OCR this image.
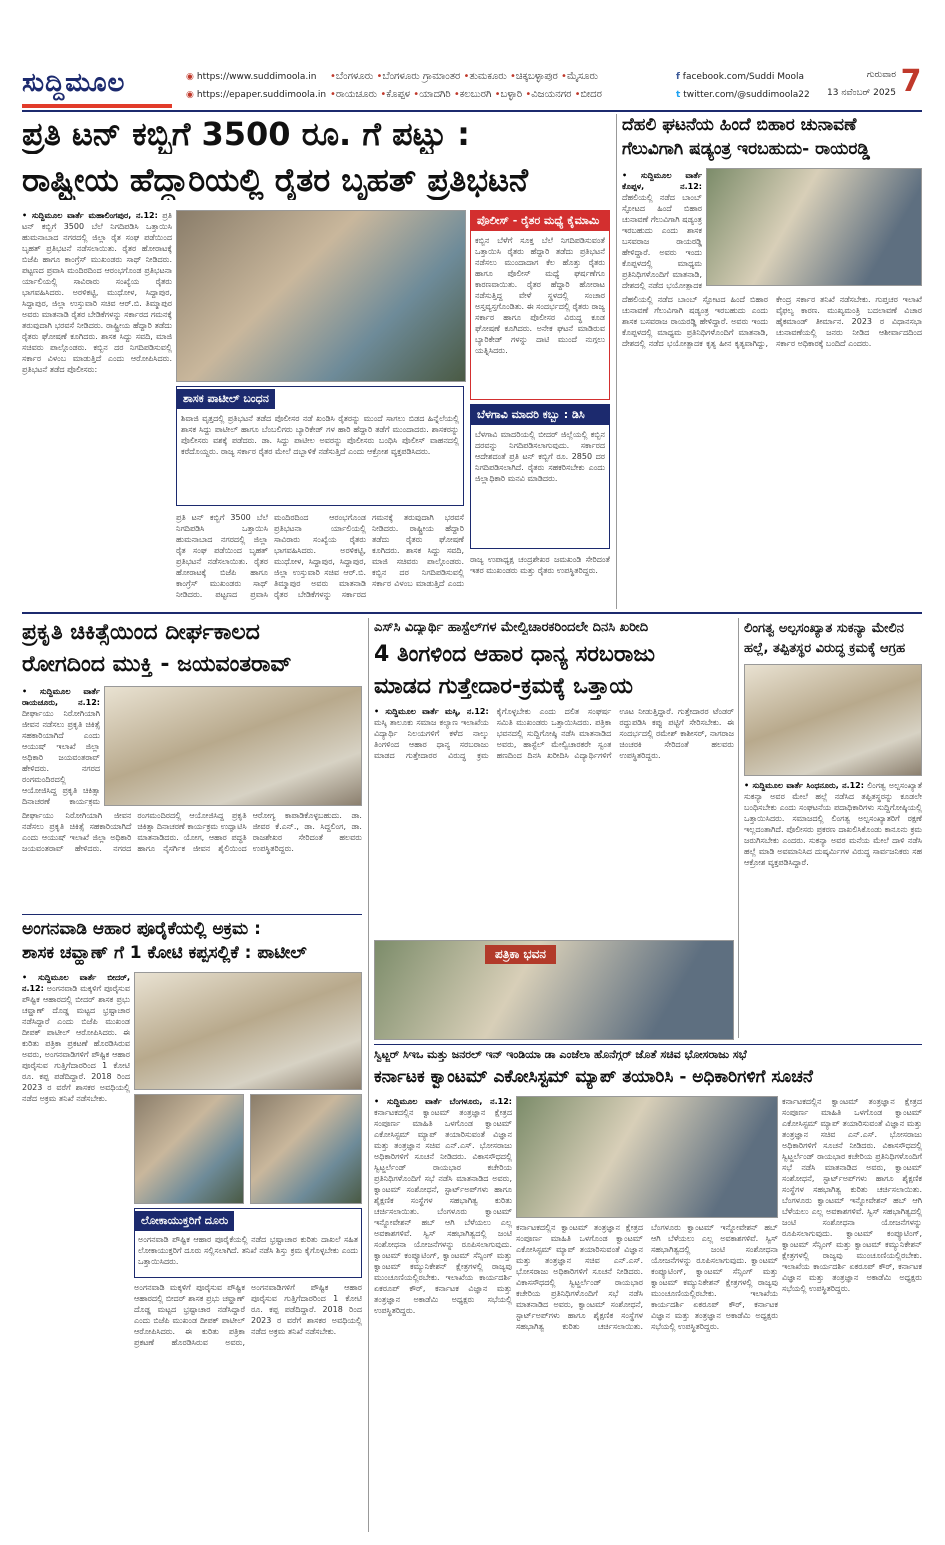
ಸುದ್ದಿಮೂಲ	◉ https://www.suddimoola.in
◉ https://epaper.suddimoola.in
•ಬೆಂಗಳೂರು •ಬೆಂಗಳೂರು ಗ್ರಾಮಾಂತರ •ತುಮಕೂರು •ಚಿಕ್ಕಬಳ್ಳಾಪುರ •ಮೈಸೂರು
•ರಾಯಚೂರು •ಕೊಪ್ಪಳ •ಯಾದಗಿರಿ •ಕಲಬುರಗಿ •ಬಳ್ಳಾರಿ •ವಿಜಯನಗರ •ಬೀದರ
f facebook.com/Suddi Moola
t twitter.com/@suddimoola22
ಗುರುವಾರ
13 ನವೆಂಬರ್ 2025 7
ಪ್ರತಿ ಟನ್ ಕಬ್ಬಿಗೆ 3500 ರೂ. ಗೆ ಪಟ್ಟು :
ರಾಷ್ಟ್ರೀಯ ಹೆದ್ದಾರಿಯಲ್ಲಿ ರೈತರ ಬೃಹತ್ ಪ್ರತಿಭಟನೆ
• ಸುದ್ದಿಮೂಲ ವಾರ್ತೆ ಮಹಾಲಿಂಗಪುರ, ನ.12: ಪ್ರತಿ ಟನ್ ಕಬ್ಬಿಗೆ 3500 ಬೆಲೆ ನಿಗದಿಪಡಿಸಿ ಒತ್ತಾಯಿಸಿ ಹುಮನಾಬಾದ ನಗರದಲ್ಲಿ ಜಿಲ್ಲಾ ರೈತ ಸಂಘ ಪಡೆಯಿಂದ ಬೃಹತ್ ಪ್ರತಿಭಟನೆ ನಡೆಸಲಾಯಿತು. ರೈತರ ಹೋರಾಟಕ್ಕೆ ಬಿಜೆಪಿ ಹಾಗೂ ಕಾಂಗ್ರೆಸ್ ಮುಖಂಡರು ಸಾಥ್ ನೀಡಿದರು. ಪಟ್ಟಣದ ಪ್ರವಾಸಿ ಮಂದಿರದಿಂದ ಆರಂಭಗೊಂಡ ಪ್ರತಿಭಟನಾ ರ್ಯಾಲಿಯಲ್ಲಿ ಸಾವಿರಾರು ಸಂಖ್ಯೆಯ ರೈತರು ಭಾಗವಹಿಸಿದರು. ಅರಳಿಕಟ್ಟಿ, ಮುಧೋಳ, ಸಿದ್ದಾಪುರ, ಸಿದ್ದಾಪುರ, ಜಿಲ್ಲಾ ಉಸ್ತುವಾರಿ ಸಚಿವ ಆರ್.ಬಿ. ತಿಮ್ಮಾಪುರ ಅವರು ಮಾತನಾಡಿ ರೈತರ ಬೇಡಿಕೆಗಳನ್ನು ಸರ್ಕಾರದ ಗಮನಕ್ಕೆ ತರುವುದಾಗಿ ಭರವಸೆ ನೀಡಿದರು. ರಾಷ್ಟ್ರೀಯ ಹೆದ್ದಾರಿ ತಡೆದು ರೈತರು ಘೋಷಣೆ ಕೂಗಿದರು. ಶಾಸಕ ಸಿದ್ದು ಸವದಿ, ಮಾಜಿ ಸಚಿವರು ಪಾಲ್ಗೊಂಡರು. ಕಬ್ಬಿನ ದರ ನಿಗದಿಪಡಿಸುವಲ್ಲಿ ಸರ್ಕಾರ ವಿಳಂಬ ಮಾಡುತ್ತಿದೆ ಎಂದು ಆರೋಪಿಸಿದರು. ಪ್ರತಿಭಟನೆ ತಡೆದ ಪೊಲೀಸರು:
ಪೊಲೀಸ್ - ರೈತರ ಮಧ್ಯೆ ಕೈಮಾಮಿ
ಕಬ್ಬಿನ ಬೆಳೆಗೆ ಸೂಕ್ತ ಬೆಲೆ ನಿಗದಿಪಡಿಸುವಂತೆ ಒತ್ತಾಯಿಸಿ ರೈತರು ಹೆದ್ದಾರಿ ತಡೆದು ಪ್ರತಿಭಟನೆ ನಡೆಸಲು ಮುಂದಾದಾಗ ಕೆಲ ಹೊತ್ತು ರೈತರು ಹಾಗೂ ಪೊಲೀಸ್ ಮಧ್ಯೆ ಘರ್ಷಣೆಗೂ ಕಾರಣವಾಯಿತು. ರೈತರ ಹೆದ್ದಾರಿ ಹೋರಾಟ ನಡೆಸುತ್ತಿದ್ದ ವೇಳೆ ಸ್ಥಳದಲ್ಲಿ ಸಂಚಾರ ಅಸ್ತವ್ಯಸ್ತಗೊಂಡಿತು. ಈ ಸಂದರ್ಭದಲ್ಲಿ ರೈತರು ರಾಜ್ಯ ಸರ್ಕಾರ ಹಾಗೂ ಪೊಲೀಸರ ವಿರುದ್ಧ ಕೂಡ ಘೋಷಣೆ ಕೂಗಿದರು. ಅನೇಕ ಘಟನೆ ಮಾಡಿರುವ ಬ್ಯಾರಿಕೇಡ್ ಗಳನ್ನು ದಾಟಿ ಮುಂದೆ ನುಗ್ಗಲು ಯತ್ನಿಸಿದರು.
ಶಾಸಕ ಪಾಟೀಲ್ ಬಂಧನ
ಶಿವಾಜಿ ವೃತ್ತದಲ್ಲಿ ಪ್ರತಿಭಟನೆ ತಡೆದ ಪೊಲೀಸರ ನಡೆ ಖಂಡಿಸಿ ರೈತರನ್ನು ಮುಂದೆ ಸಾಗಲು ಬಿಡದ ಹಿನ್ನೆಲೆಯಲ್ಲಿ ಶಾಸಕ ಸಿದ್ದು ಪಾಟೀಲ್ ಹಾಗೂ ಬೆಂಬಲಿಗರು ಬ್ಯಾರಿಕೇಡ್ ಗಳ ಹಾರಿ ಹೆದ್ದಾರಿ ತಡೆಗೆ ಮುಂದಾದರು. ಶಾಸಕರನ್ನು ಪೊಲೀಸರು ವಶಕ್ಕೆ ಪಡೆದರು. ಡಾ. ಸಿದ್ದು ಪಾಟೀಲ ಅವರನ್ನು ಪೊಲೀಸರು ಬಂಧಿಸಿ ಪೊಲೀಸ್ ವಾಹನದಲ್ಲಿ ಕರೆದೊಯ್ದರು. ರಾಜ್ಯ ಸರ್ಕಾರ ರೈತರ ಮೇಲೆ ದಬ್ಬಾಳಿಕೆ ನಡೆಸುತ್ತಿದೆ ಎಂದು ಆಕ್ರೋಶ ವ್ಯಕ್ತಪಡಿಸಿದರು.
ಬೆಳಗಾವಿ ಮಾದರಿ ಕಬ್ಬು : ಡಿಸಿ
ಬೆಳಗಾವಿ ಮಾದರಿಯಲ್ಲಿ ಬೀದರ್ ಜಿಲ್ಲೆಯಲ್ಲಿ ಕಬ್ಬಿನ ದರವನ್ನು ನಿಗದಿಪಡಿಸಲಾಗುವುದು. ಸರ್ಕಾರದ ಆದೇಶದಂತೆ ಪ್ರತಿ ಟನ್ ಕಬ್ಬಿಗೆ ರೂ. 2850 ದರ ನಿಗದಿಪಡಿಸಲಾಗಿದೆ. ರೈತರು ಸಹಕರಿಸಬೇಕು ಎಂದು ಜಿಲ್ಲಾಧಿಕಾರಿ ಮನವಿ ಮಾಡಿದರು.
ಪ್ರತಿ ಟನ್ ಕಬ್ಬಿಗೆ 3500 ಬೆಲೆ ನಿಗದಿಪಡಿಸಿ ಒತ್ತಾಯಿಸಿ ಹುಮನಾಬಾದ ನಗರದಲ್ಲಿ ಜಿಲ್ಲಾ ರೈತ ಸಂಘ ಪಡೆಯಿಂದ ಬೃಹತ್ ಪ್ರತಿಭಟನೆ ನಡೆಸಲಾಯಿತು. ರೈತರ ಹೋರಾಟಕ್ಕೆ ಬಿಜೆಪಿ ಹಾಗೂ ಕಾಂಗ್ರೆಸ್ ಮುಖಂಡರು ಸಾಥ್ ನೀಡಿದರು. ಪಟ್ಟಣದ ಪ್ರವಾಸಿ ಮಂದಿರದಿಂದ ಆರಂಭಗೊಂಡ ಪ್ರತಿಭಟನಾ ರ್ಯಾಲಿಯಲ್ಲಿ ಸಾವಿರಾರು ಸಂಖ್ಯೆಯ ರೈತರು ಭಾಗವಹಿಸಿದರು. ಅರಳಿಕಟ್ಟಿ, ಮುಧೋಳ, ಸಿದ್ದಾಪುರ, ಸಿದ್ದಾಪುರ, ಜಿಲ್ಲಾ ಉಸ್ತುವಾರಿ ಸಚಿವ ಆರ್.ಬಿ. ತಿಮ್ಮಾಪುರ ಅವರು ಮಾತನಾಡಿ ರೈತರ ಬೇಡಿಕೆಗಳನ್ನು ಸರ್ಕಾರದ ಗಮನಕ್ಕೆ ತರುವುದಾಗಿ ಭರವಸೆ ನೀಡಿದರು. ರಾಷ್ಟ್ರೀಯ ಹೆದ್ದಾರಿ ತಡೆದು ರೈತರು ಘೋಷಣೆ ಕೂಗಿದರು. ಶಾಸಕ ಸಿದ್ದು ಸವದಿ, ಮಾಜಿ ಸಚಿವರು ಪಾಲ್ಗೊಂಡರು. ಕಬ್ಬಿನ ದರ ನಿಗದಿಪಡಿಸುವಲ್ಲಿ ಸರ್ಕಾರ ವಿಳಂಬ ಮಾಡುತ್ತಿದೆ ಎಂದು
ರಾಜ್ಯ ಉಪಾಧ್ಯಕ್ಷ ಚಂದ್ರಶೇಖರ ಜಮಖಂಡಿ ಸೇರಿದಂತೆ ಇತರ ಮುಖಂಡರು ಮತ್ತು ರೈತರು ಉಪಸ್ಥಿತರಿದ್ದರು.
ದೆಹಲಿ ಘಟನೆಯ ಹಿಂದೆ ಬಿಹಾರ ಚುನಾವಣೆ
ಗೆಲುವಿಗಾಗಿ ಷಡ್ಯಂತ್ರ ಇರಬಹುದು- ರಾಯರಡ್ಡಿ
• ಸುದ್ದಿಮೂಲ ವಾರ್ತೆ ಕೊಪ್ಪಳ, ನ.12: ದೆಹಲಿಯಲ್ಲಿ ನಡೆದ ಬಾಂಬ್ ಸ್ಫೋಟದ ಹಿಂದೆ ಬಿಹಾರ ಚುನಾವಣೆ ಗೆಲುವಿಗಾಗಿ ಷಡ್ಯಂತ್ರ ಇರಬಹುದು ಎಂದು ಶಾಸಕ ಬಸವರಾಜ ರಾಯರಡ್ಡಿ ಹೇಳಿದ್ದಾರೆ. ಅವರು ಇಂದು ಕೊಪ್ಪಳದಲ್ಲಿ ಮಾಧ್ಯಮ ಪ್ರತಿನಿಧಿಗಳೊಂದಿಗೆ ಮಾತನಾಡಿ, ದೇಶದಲ್ಲಿ ನಡೆದ ಭಯೋತ್ಪಾದಕ
ದೆಹಲಿಯಲ್ಲಿ ನಡೆದ ಬಾಂಬ್ ಸ್ಫೋಟದ ಹಿಂದೆ ಬಿಹಾರ ಚುನಾವಣೆ ಗೆಲುವಿಗಾಗಿ ಷಡ್ಯಂತ್ರ ಇರಬಹುದು ಎಂದು ಶಾಸಕ ಬಸವರಾಜ ರಾಯರಡ್ಡಿ ಹೇಳಿದ್ದಾರೆ. ಅವರು ಇಂದು ಕೊಪ್ಪಳದಲ್ಲಿ ಮಾಧ್ಯಮ ಪ್ರತಿನಿಧಿಗಳೊಂದಿಗೆ ಮಾತನಾಡಿ, ದೇಶದಲ್ಲಿ ನಡೆದ ಭಯೋತ್ಪಾದಕ ಕೃತ್ಯ ಹೀನ ಕೃತ್ಯವಾಗಿದ್ದು, ಕೇಂದ್ರ ಸರ್ಕಾರ ತನಿಖೆ ನಡೆಸಬೇಕು. ಗುಪ್ತಚರ ಇಲಾಖೆ ವೈಫಲ್ಯ ಕಾರಣ. ಮುಖ್ಯಮಂತ್ರಿ ಬದಲಾವಣೆ ವಿಚಾರ ಹೈಕಮಾಂಡ್ ತೀರ್ಮಾನ. 2023 ರ ವಿಧಾನಸಭಾ ಚುನಾವಣೆಯಲ್ಲಿ ಜನರು ನೀಡಿದ ಆಶೀರ್ವಾದದಿಂದ ಸರ್ಕಾರ ಅಧಿಕಾರಕ್ಕೆ ಬಂದಿದೆ ಎಂದರು.
ಪ್ರಕೃತಿ ಚಿಕಿತ್ಸೆಯಿಂದ ದೀರ್ಘಕಾಲದ
ರೋಗದಿಂದ ಮುಕ್ತಿ - ಜಯವಂತರಾವ್
• ಸುದ್ದಿಮೂಲ ವಾರ್ತೆ ರಾಯಚೂರು, ನ.12: ದೀರ್ಘಾಯು ನಿರೋಗಿಯಾಗಿ ಜೀವನ ನಡೆಸಲು ಪ್ರಕೃತಿ ಚಿಕಿತ್ಸೆ ಸಹಕಾರಿಯಾಗಿದೆ ಎಂದು ಆಯುಷ್ ಇಲಾಖೆ ಜಿಲ್ಲಾ ಅಧಿಕಾರಿ ಜಯವಂತರಾವ್ ಹೇಳಿದರು. ನಗರದ ರಂಗಮಂದಿರದಲ್ಲಿ ಆಯೋಜಿಸಿದ್ದ ಪ್ರಕೃತಿ ಚಿಕಿತ್ಸಾ ದಿನಾಚರಣೆ ಕಾರ್ಯಕ್ರಮ
ದೀರ್ಘಾಯು ನಿರೋಗಿಯಾಗಿ ಜೀವನ ನಡೆಸಲು ಪ್ರಕೃತಿ ಚಿಕಿತ್ಸೆ ಸಹಕಾರಿಯಾಗಿದೆ ಎಂದು ಆಯುಷ್ ಇಲಾಖೆ ಜಿಲ್ಲಾ ಅಧಿಕಾರಿ ಜಯವಂತರಾವ್ ಹೇಳಿದರು. ನಗರದ ರಂಗಮಂದಿರದಲ್ಲಿ ಆಯೋಜಿಸಿದ್ದ ಪ್ರಕೃತಿ ಚಿಕಿತ್ಸಾ ದಿನಾಚರಣೆ ಕಾರ್ಯಕ್ರಮ ಉದ್ಘಾಟಿಸಿ ಮಾತನಾಡಿದರು. ಯೋಗ, ಆಹಾರ ಪದ್ಧತಿ ಹಾಗೂ ನೈಸರ್ಗಿಕ ಜೀವನ ಶೈಲಿಯಿಂದ ಆರೋಗ್ಯ ಕಾಪಾಡಿಕೊಳ್ಳಬಹುದು. ಡಾ. ಜೀವರ ಕೆ.ಎನ್., ಡಾ. ಸಿದ್ದಲಿಂಗ, ಡಾ. ರಾಜಶೇಖರ ಸೇರಿದಂತೆ ಹಲವರು ಉಪಸ್ಥಿತರಿದ್ದರು.
ಅಂಗನವಾಡಿ ಆಹಾರ ಪೂರೈಕೆಯಲ್ಲಿ ಅಕ್ರಮ :
ಶಾಸಕ ಚವ್ಹಾಣ್ ಗೆ 1 ಕೋಟಿ ಕಪ್ಪಸಲ್ಲಿಕೆ : ಪಾಟೀಲ್
• ಸುದ್ದಿಮೂಲ ವಾರ್ತೆ ಬೀದರ್, ನ.12: ಅಂಗನವಾಡಿ ಮಕ್ಕಳಿಗೆ ಪೂರೈಸುವ ಪೌಷ್ಟಿಕ ಆಹಾರದಲ್ಲಿ ಬೀದರ್ ಶಾಸಕ ಪ್ರಭು ಚವ್ಹಾಣ್ ದೊಡ್ಡ ಮಟ್ಟದ ಭ್ರಷ್ಟಾಚಾರ ನಡೆಸಿದ್ದಾರೆ ಎಂದು ಬಿಜೆಪಿ ಮುಖಂಡ ದೀಪಕ್ ಪಾಟೀಲ್ ಆರೋಪಿಸಿದರು. ಈ ಕುರಿತು ಪತ್ರಿಕಾ ಪ್ರಕಟಣೆ ಹೊರಡಿಸಿರುವ ಅವರು, ಅಂಗನವಾಡಿಗಳಿಗೆ ಪೌಷ್ಟಿಕ ಆಹಾರ ಪೂರೈಸುವ ಗುತ್ತಿಗೆದಾರರಿಂದ 1 ಕೋಟಿ ರೂ. ಕಪ್ಪ ಪಡೆದಿದ್ದಾರೆ. 2018 ರಿಂದ 2023 ರ ವರೆಗೆ ಶಾಸಕರ ಅವಧಿಯಲ್ಲಿ ನಡೆದ ಅಕ್ರಮ ತನಿಖೆ ನಡೆಸಬೇಕು.
ಲೋಕಾಯುಕ್ತರಿಗೆ ದೂರು
ಅಂಗನವಾಡಿ ಪೌಷ್ಟಿಕ ಆಹಾರ ಪೂರೈಕೆಯಲ್ಲಿ ನಡೆದ ಭ್ರಷ್ಟಾಚಾರ ಕುರಿತು ದಾಖಲೆ ಸಹಿತ ಲೋಕಾಯುಕ್ತರಿಗೆ ದೂರು ಸಲ್ಲಿಸಲಾಗಿದೆ. ತನಿಖೆ ನಡೆಸಿ ಶಿಸ್ತು ಕ್ರಮ ಕೈಗೊಳ್ಳಬೇಕು ಎಂದು ಒತ್ತಾಯಿಸಿದರು.
ಅಂಗನವಾಡಿ ಮಕ್ಕಳಿಗೆ ಪೂರೈಸುವ ಪೌಷ್ಟಿಕ ಆಹಾರದಲ್ಲಿ ಬೀದರ್ ಶಾಸಕ ಪ್ರಭು ಚವ್ಹಾಣ್ ದೊಡ್ಡ ಮಟ್ಟದ ಭ್ರಷ್ಟಾಚಾರ ನಡೆಸಿದ್ದಾರೆ ಎಂದು ಬಿಜೆಪಿ ಮುಖಂಡ ದೀಪಕ್ ಪಾಟೀಲ್ ಆರೋಪಿಸಿದರು. ಈ ಕುರಿತು ಪತ್ರಿಕಾ ಪ್ರಕಟಣೆ ಹೊರಡಿಸಿರುವ ಅವರು, ಅಂಗನವಾಡಿಗಳಿಗೆ ಪೌಷ್ಟಿಕ ಆಹಾರ ಪೂರೈಸುವ ಗುತ್ತಿಗೆದಾರರಿಂದ 1 ಕೋಟಿ ರೂ. ಕಪ್ಪ ಪಡೆದಿದ್ದಾರೆ. 2018 ರಿಂದ 2023 ರ ವರೆಗೆ ಶಾಸಕರ ಅವಧಿಯಲ್ಲಿ ನಡೆದ ಅಕ್ರಮ ತನಿಖೆ ನಡೆಸಬೇಕು.
ಎಸ್‌ಸಿ ವಿದ್ಯಾರ್ಥಿ ಹಾಸ್ಟೆಲ್‌ಗಳ ಮೇಲ್ವಿಚಾರಕರಿಂದಲೇ ದಿನಸಿ ಖರೀದಿ
4 ತಿಂಗಳಿಂದ ಆಹಾರ ಧಾನ್ಯ ಸರಬರಾಜು
ಮಾಡದ ಗುತ್ತೇದಾರ-ಕ್ರಮಕ್ಕೆ ಒತ್ತಾಯ
• ಸುದ್ದಿಮೂಲ ವಾರ್ತೆ ಮಸ್ಕಿ, ನ.12: ಮಸ್ಕಿ ತಾಲೂಕು ಸಮಾಜ ಕಲ್ಯಾಣ ಇಲಾಖೆಯ ವಿದ್ಯಾರ್ಥಿ ನಿಲಯಗಳಿಗೆ ಕಳೆದ ನಾಲ್ಕು ತಿಂಗಳಿಂದ ಆಹಾರ ಧಾನ್ಯ ಸರಬರಾಜು ಮಾಡದ ಗುತ್ತೇದಾರರ ವಿರುದ್ಧ ಕ್ರಮ ಕೈಗೊಳ್ಳಬೇಕು ಎಂದು ದಲಿತ ಸಂಘರ್ಷ ಸಮಿತಿ ಮುಖಂಡರು ಒತ್ತಾಯಿಸಿದರು. ಪತ್ರಿಕಾ ಭವನದಲ್ಲಿ ಸುದ್ದಿಗೋಷ್ಠಿ ನಡೆಸಿ ಮಾತನಾಡಿದ ಅವರು, ಹಾಸ್ಟೆಲ್ ಮೇಲ್ವಿಚಾರಕರೇ ಸ್ವಂತ ಹಣದಿಂದ ದಿನಸಿ ಖರೀದಿಸಿ ವಿದ್ಯಾರ್ಥಿಗಳಿಗೆ ಊಟ ನೀಡುತ್ತಿದ್ದಾರೆ. ಗುತ್ತೇದಾರರ ಟೆಂಡರ್ ರದ್ದುಪಡಿಸಿ ಕಪ್ಪು ಪಟ್ಟಿಗೆ ಸೇರಿಸಬೇಕು. ಈ ಸಂದರ್ಭದಲ್ಲಿ ರಮೇಶ್ ಕಾಶೀಸರ್, ನಾಗರಾಜ ಚಿಂಚರಕಿ ಸೇರಿದಂತೆ ಹಲವರು ಉಪಸ್ಥಿತರಿದ್ದರು.
ಪತ್ರಿಕಾ ಭವನ
ಲಿಂಗತ್ವ ಅಲ್ಪಸಂಖ್ಯಾತ ಸುಕನ್ಯಾ ಮೇಲಿನ
ಹಲ್ಲೆ, ತಪ್ಪಿತಸ್ಥರ ವಿರುದ್ಧ ಕ್ರಮಕ್ಕೆ ಆಗ್ರಹ
• ಸುದ್ದಿಮೂಲ ವಾರ್ತೆ ಸಿಂಧನೂರು, ನ.12: ಲಿಂಗತ್ವ ಅಲ್ಪಸಂಖ್ಯಾತೆ ಸುಕನ್ಯಾ ಅವರ ಮೇಲೆ ಹಲ್ಲೆ ನಡೆಸಿದ ತಪ್ಪಿತಸ್ಥರನ್ನು ಕೂಡಲೇ ಬಂಧಿಸಬೇಕು ಎಂದು ಸಂಘಟನೆಯ ಪದಾಧಿಕಾರಿಗಳು ಸುದ್ದಿಗೋಷ್ಠಿಯಲ್ಲಿ ಒತ್ತಾಯಿಸಿದರು. ಸಮಾಜದಲ್ಲಿ ಲಿಂಗತ್ವ ಅಲ್ಪಸಂಖ್ಯಾತರಿಗೆ ರಕ್ಷಣೆ ಇಲ್ಲದಂತಾಗಿದೆ. ಪೊಲೀಸರು ಪ್ರಕರಣ ದಾಖಲಿಸಿಕೊಂಡು ಕಾನೂನು ಕ್ರಮ ಜರುಗಿಸಬೇಕು ಎಂದರು. ಸುಕನ್ಯಾ ಅವರ ಮನೆಯ ಮೇಲೆ ದಾಳಿ ನಡೆಸಿ ಹಲ್ಲೆ ಮಾಡಿ ಅವಮಾನಿಸಿದ ದುಷ್ಕರ್ಮಿಗಳ ವಿರುದ್ಧ ಸಾರ್ವಜನಿಕರು ಸಹ ಆಕ್ರೋಶ ವ್ಯಕ್ತಪಡಿಸಿದ್ದಾರೆ.
ಸ್ವಿಟ್ಜರ್ ಸಿಇಒ ಮತ್ತು ಜನರಲ್ ಇನ್ ಇಂಡಿಯಾ ಡಾ ಎಂಜೆಲಾ ಹೊನೆಗ್ಗರ್ ಜೊತೆ ಸಚಿವ ಭೋಸರಾಜು ಸಭೆ
ಕರ್ನಾಟಕ ಕ್ವಾಂಟಮ್ ಎಕೋಸಿಸ್ಟಮ್ ಮ್ಯಾಪ್ ತಯಾರಿಸಿ - ಅಧಿಕಾರಿಗಳಿಗೆ ಸೂಚನೆ
• ಸುದ್ದಿಮೂಲ ವಾರ್ತೆ ಬೆಂಗಳೂರು, ನ.12: ಕರ್ನಾಟಕದಲ್ಲಿನ ಕ್ವಾಂಟಮ್ ತಂತ್ರಜ್ಞಾನ ಕ್ಷೇತ್ರದ ಸಂಪೂರ್ಣ ಮಾಹಿತಿ ಒಳಗೊಂಡ ಕ್ವಾಂಟಮ್ ಎಕೋಸಿಸ್ಟಮ್ ಮ್ಯಾಪ್ ತಯಾರಿಸುವಂತೆ ವಿಜ್ಞಾನ ಮತ್ತು ತಂತ್ರಜ್ಞಾನ ಸಚಿವ ಎನ್.ಎಸ್. ಭೋಸರಾಜು ಅಧಿಕಾರಿಗಳಿಗೆ ಸೂಚನೆ ನೀಡಿದರು. ವಿಕಾಸಸೌಧದಲ್ಲಿ ಸ್ವಿಟ್ಜರ್ಲೆಂಡ್ ರಾಯಭಾರ ಕಚೇರಿಯ ಪ್ರತಿನಿಧಿಗಳೊಂದಿಗೆ ಸಭೆ ನಡೆಸಿ ಮಾತನಾಡಿದ ಅವರು, ಕ್ವಾಂಟಮ್ ಸಂಶೋಧನೆ, ಸ್ಟಾರ್ಟ್‌ಅಪ್‌ಗಳು ಹಾಗೂ ಶೈಕ್ಷಣಿಕ ಸಂಸ್ಥೆಗಳ ಸಹಭಾಗಿತ್ವ ಕುರಿತು ಚರ್ಚಿಸಲಾಯಿತು. ಬೆಂಗಳೂರು ಕ್ವಾಂಟಮ್ ಇನ್ನೋವೇಶನ್ ಹಬ್ ಆಗಿ ಬೆಳೆಯಲು ಎಲ್ಲ ಅವಕಾಶಗಳಿವೆ. ಸ್ವಿಸ್ ಸಹಭಾಗಿತ್ವದಲ್ಲಿ ಜಂಟಿ ಸಂಶೋಧನಾ ಯೋಜನೆಗಳನ್ನು ರೂಪಿಸಲಾಗುವುದು. ಕ್ವಾಂಟಮ್ ಕಂಪ್ಯೂಟಿಂಗ್, ಕ್ವಾಂಟಮ್ ಸೆನ್ಸಿಂಗ್ ಮತ್ತು ಕ್ವಾಂಟಮ್ ಕಮ್ಯುನಿಕೇಶನ್ ಕ್ಷೇತ್ರಗಳಲ್ಲಿ ರಾಜ್ಯವು ಮುಂಚೂಣಿಯಲ್ಲಿರಬೇಕು. ಇಲಾಖೆಯ ಕಾರ್ಯದರ್ಶಿ ಏಕರೂಪ್ ಕೌರ್, ಕರ್ನಾಟಕ ವಿಜ್ಞಾನ ಮತ್ತು ತಂತ್ರಜ್ಞಾನ ಅಕಾಡೆಮಿ ಅಧ್ಯಕ್ಷರು ಸಭೆಯಲ್ಲಿ ಉಪಸ್ಥಿತರಿದ್ದರು.
ಕರ್ನಾಟಕದಲ್ಲಿನ ಕ್ವಾಂಟಮ್ ತಂತ್ರಜ್ಞಾನ ಕ್ಷೇತ್ರದ ಸಂಪೂರ್ಣ ಮಾಹಿತಿ ಒಳಗೊಂಡ ಕ್ವಾಂಟಮ್ ಎಕೋಸಿಸ್ಟಮ್ ಮ್ಯಾಪ್ ತಯಾರಿಸುವಂತೆ ವಿಜ್ಞಾನ ಮತ್ತು ತಂತ್ರಜ್ಞಾನ ಸಚಿವ ಎನ್.ಎಸ್. ಭೋಸರಾಜು ಅಧಿಕಾರಿಗಳಿಗೆ ಸೂಚನೆ ನೀಡಿದರು. ವಿಕಾಸಸೌಧದಲ್ಲಿ ಸ್ವಿಟ್ಜರ್ಲೆಂಡ್ ರಾಯಭಾರ ಕಚೇರಿಯ ಪ್ರತಿನಿಧಿಗಳೊಂದಿಗೆ ಸಭೆ ನಡೆಸಿ ಮಾತನಾಡಿದ ಅವರು, ಕ್ವಾಂಟಮ್ ಸಂಶೋಧನೆ, ಸ್ಟಾರ್ಟ್‌ಅಪ್‌ಗಳು ಹಾಗೂ ಶೈಕ್ಷಣಿಕ ಸಂಸ್ಥೆಗಳ ಸಹಭಾಗಿತ್ವ ಕುರಿತು ಚರ್ಚಿಸಲಾಯಿತು. ಬೆಂಗಳೂರು ಕ್ವಾಂಟಮ್ ಇನ್ನೋವೇಶನ್ ಹಬ್ ಆಗಿ ಬೆಳೆಯಲು ಎಲ್ಲ ಅವಕಾಶಗಳಿವೆ. ಸ್ವಿಸ್ ಸಹಭಾಗಿತ್ವದಲ್ಲಿ ಜಂಟಿ ಸಂಶೋಧನಾ ಯೋಜನೆಗಳನ್ನು ರೂಪಿಸಲಾಗುವುದು. ಕ್ವಾಂಟಮ್ ಕಂಪ್ಯೂಟಿಂಗ್, ಕ್ವಾಂಟಮ್ ಸೆನ್ಸಿಂಗ್ ಮತ್ತು ಕ್ವಾಂಟಮ್ ಕಮ್ಯುನಿಕೇಶನ್ ಕ್ಷೇತ್ರಗಳಲ್ಲಿ ರಾಜ್ಯವು ಮುಂಚೂಣಿಯಲ್ಲಿರಬೇಕು. ಇಲಾಖೆಯ ಕಾರ್ಯದರ್ಶಿ ಏಕರೂಪ್ ಕೌರ್, ಕರ್ನಾಟಕ ವಿಜ್ಞಾನ ಮತ್ತು ತಂತ್ರಜ್ಞಾನ ಅಕಾಡೆಮಿ ಅಧ್ಯಕ್ಷರು ಸಭೆಯಲ್ಲಿ ಉಪಸ್ಥಿತರಿದ್ದರು.
ಕರ್ನಾಟಕದಲ್ಲಿನ ಕ್ವಾಂಟಮ್ ತಂತ್ರಜ್ಞಾನ ಕ್ಷೇತ್ರದ ಸಂಪೂರ್ಣ ಮಾಹಿತಿ ಒಳಗೊಂಡ ಕ್ವಾಂಟಮ್ ಎಕೋಸಿಸ್ಟಮ್ ಮ್ಯಾಪ್ ತಯಾರಿಸುವಂತೆ ವಿಜ್ಞಾನ ಮತ್ತು ತಂತ್ರಜ್ಞಾನ ಸಚಿವ ಎನ್.ಎಸ್. ಭೋಸರಾಜು ಅಧಿಕಾರಿಗಳಿಗೆ ಸೂಚನೆ ನೀಡಿದರು. ವಿಕಾಸಸೌಧದಲ್ಲಿ ಸ್ವಿಟ್ಜರ್ಲೆಂಡ್ ರಾಯಭಾರ ಕಚೇರಿಯ ಪ್ರತಿನಿಧಿಗಳೊಂದಿಗೆ ಸಭೆ ನಡೆಸಿ ಮಾತನಾಡಿದ ಅವರು, ಕ್ವಾಂಟಮ್ ಸಂಶೋಧನೆ, ಸ್ಟಾರ್ಟ್‌ಅಪ್‌ಗಳು ಹಾಗೂ ಶೈಕ್ಷಣಿಕ ಸಂಸ್ಥೆಗಳ ಸಹಭಾಗಿತ್ವ ಕುರಿತು ಚರ್ಚಿಸಲಾಯಿತು. ಬೆಂಗಳೂರು ಕ್ವಾಂಟಮ್ ಇನ್ನೋವೇಶನ್ ಹಬ್ ಆಗಿ ಬೆಳೆಯಲು ಎಲ್ಲ ಅವಕಾಶಗಳಿವೆ. ಸ್ವಿಸ್ ಸಹಭಾಗಿತ್ವದಲ್ಲಿ ಜಂಟಿ ಸಂಶೋಧನಾ ಯೋಜನೆಗಳನ್ನು ರೂಪಿಸಲಾಗುವುದು. ಕ್ವಾಂಟಮ್ ಕಂಪ್ಯೂಟಿಂಗ್, ಕ್ವಾಂಟಮ್ ಸೆನ್ಸಿಂಗ್ ಮತ್ತು ಕ್ವಾಂಟಮ್ ಕಮ್ಯುನಿಕೇಶನ್ ಕ್ಷೇತ್ರಗಳಲ್ಲಿ ರಾಜ್ಯವು ಮುಂಚೂಣಿಯಲ್ಲಿರಬೇಕು. ಇಲಾಖೆಯ ಕಾರ್ಯದರ್ಶಿ ಏಕರೂಪ್ ಕೌರ್, ಕರ್ನಾಟಕ ವಿಜ್ಞಾನ ಮತ್ತು ತಂತ್ರಜ್ಞಾನ ಅಕಾಡೆಮಿ ಅಧ್ಯಕ್ಷರು ಸಭೆಯಲ್ಲಿ ಉಪಸ್ಥಿತರಿದ್ದರು.
